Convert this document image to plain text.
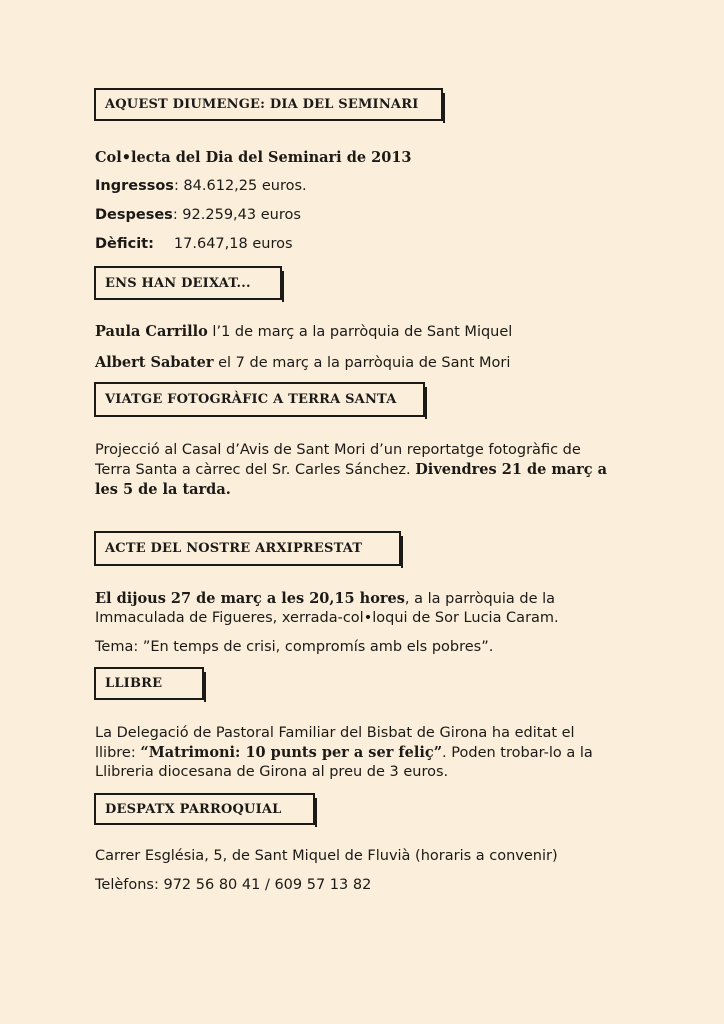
AQUEST DIUMENGE: DIA DEL SEMINARI
Col•lecta del Dia del Seminari de 2013
Ingressos: 84.612,25 euros.
Despeses: 92.259,43 euros
Dèficit: 17.647,18 euros
ENS HAN DEIXAT...
Paula Carrillo l’1 de març a la parròquia de Sant Miquel
Albert Sabater el 7 de març a la parròquia de Sant Mori
VIATGE FOTOGRÀFIC A TERRA SANTA
Projecció al Casal d’Avis de Sant Mori d’un reportatge fotogràfic de Terra Santa a càrrec del Sr. Carles Sánchez. Divendres 21 de març a les 5 de la tarda.
ACTE DEL NOSTRE ARXIPRESTAT
El dijous 27 de març a les 20,15 hores, a la parròquia de la Immaculada de Figueres, xerrada-col•loqui de Sor Lucia Caram.
Tema: ”En temps de crisi, compromís amb els pobres”.
LLIBRE
La Delegació de Pastoral Familiar del Bisbat de Girona ha editat el llibre: “Matrimoni: 10 punts per a ser feliç”. Poden trobar-lo a la Llibreria diocesana de Girona al preu de 3 euros.
DESPATX PARROQUIAL
Carrer Església, 5, de Sant Miquel de Fluvià (horaris a convenir)
Telèfons: 972 56 80 41 / 609 57 13 82
